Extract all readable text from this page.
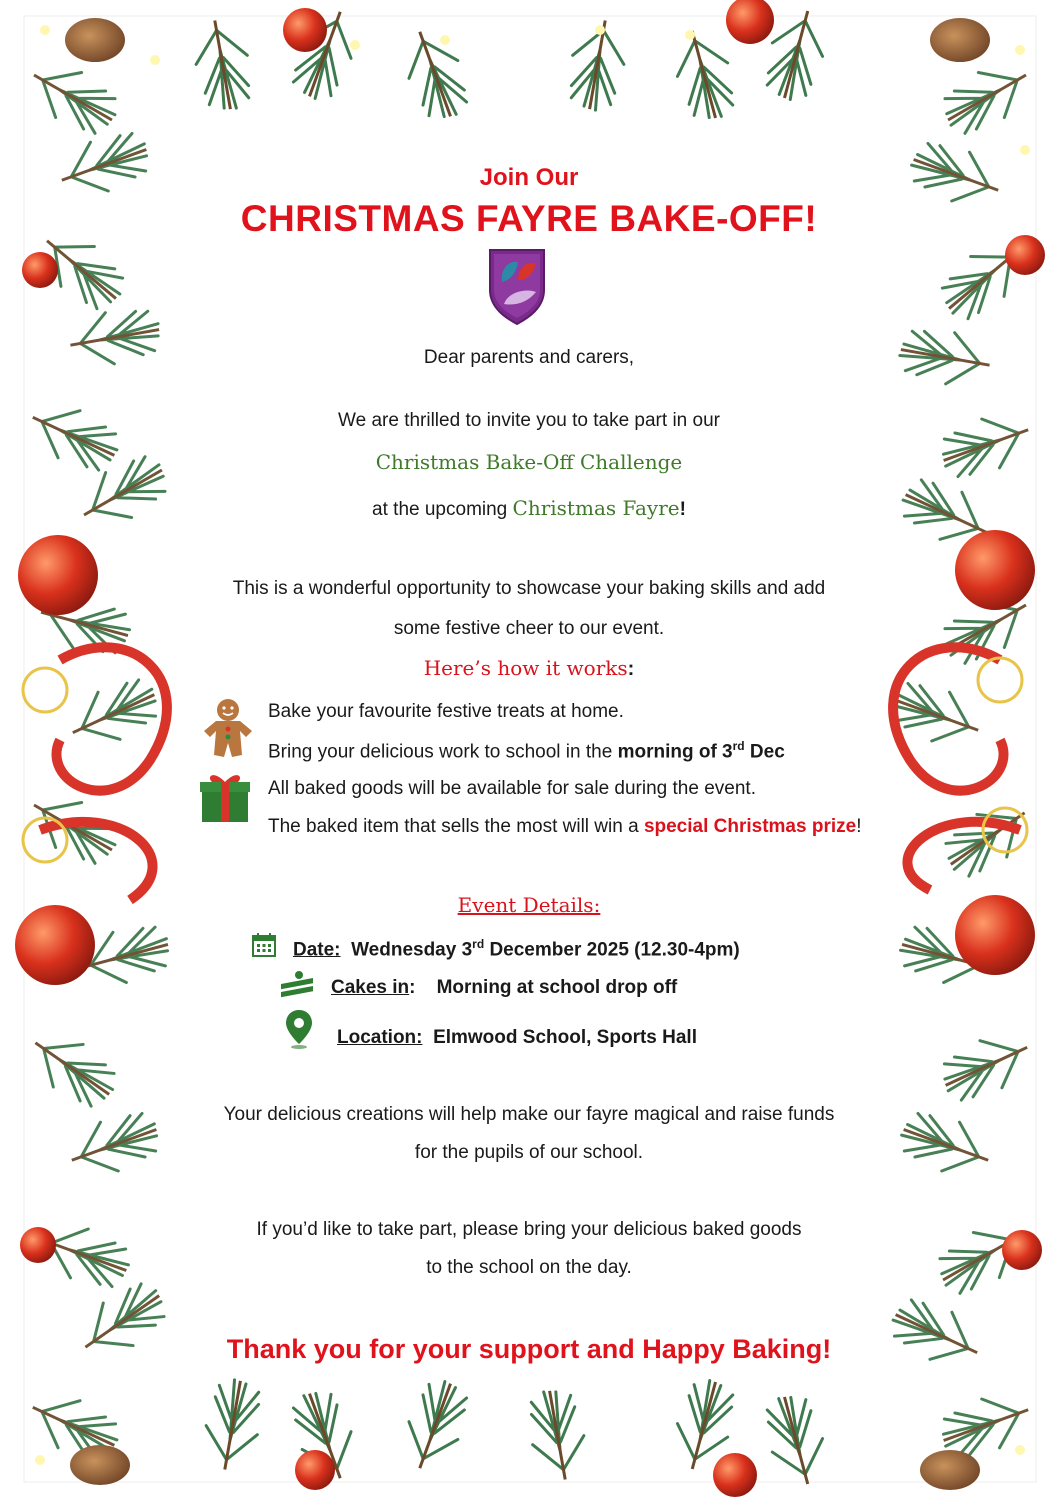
Join Our
CHRISTMAS FAYRE BAKE-OFF!
Dear parents and carers,
We are thrilled to invite you to take part in our
Christmas Bake-Off Challenge
at the upcoming Christmas Fayre!
This is a wonderful opportunity to showcase your baking skills and add
some festive cheer to our event.
Here’s how it works:
Bake your favourite festive treats at home.
Bring your delicious work to school in the morning of 3rd Dec
All baked goods will be available for sale during the event.
The baked item that sells the most will win a special Christmas prize!
Event Details:
Date: Wednesday 3rd December 2025 (12.30-4pm)
Cakes in: Morning at school drop off
Location: Elmwood School, Sports Hall
Your delicious creations will help make our fayre magical and raise funds
for the pupils of our school.
If you’d like to take part, please bring your delicious baked goods
to the school on the day.
Thank you for your support and Happy Baking!
